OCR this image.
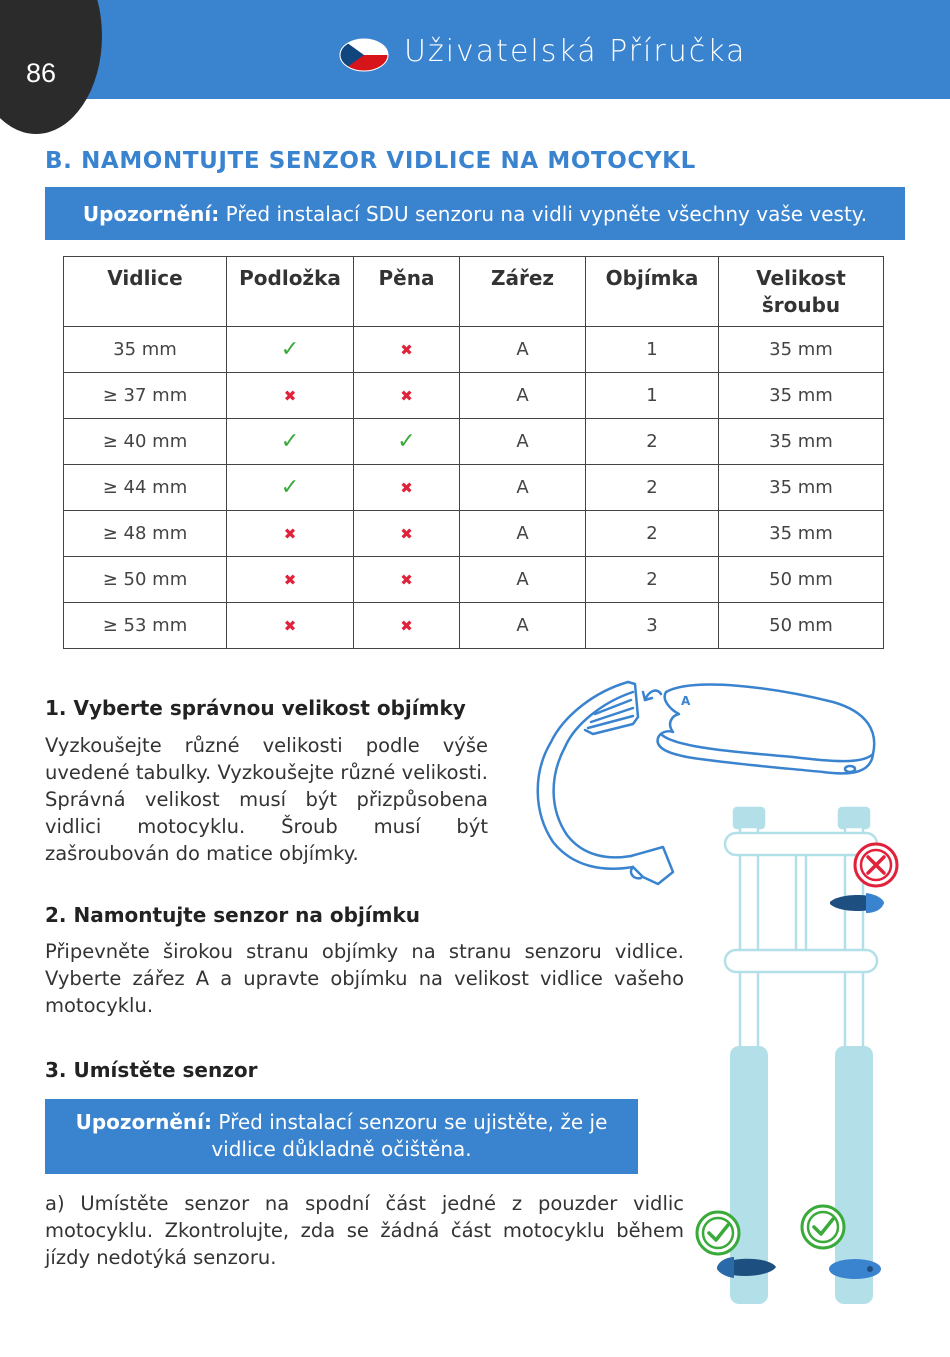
86
Uživatelská Příručka
B. NAMONTUJTE SENZOR VIDLICE NA MOTOCYKL
Upozornění: Před instalací SDU senzoru na vidli vypněte všechny vaše vesty.
Vidlice	Podložka	Pěna	Zářez	Objímka	Velikost
šroubu
35 mm	✓	✖	A	1	35 mm
≥ 37 mm	✖	✖	A	1	35 mm
≥ 40 mm	✓	✓	A	2	35 mm
≥ 44 mm	✓	✖	A	2	35 mm
≥ 48 mm	✖	✖	A	2	35 mm
≥ 50 mm	✖	✖	A	2	50 mm
≥ 53 mm	✖	✖	A	3	50 mm
1. Vyberte správnou velikost objímky
Vyzkoušejte různé velikosti podle výše uvedené tabulky. Vyzkoušejte různé velikosti. Správná velikost musí být přizpůsobena vidlici motocyklu. Šroub musí být zašroubován do matice objímky.
A
2. Namontujte senzor na objímku
Připevněte širokou stranu objímky na stranu senzoru vidlice. Vyberte zářez A a upravte objímku na velikost vidlice vašeho motocyklu.
3. Umístěte senzor
Upozornění: Před instalací senzoru se ujistěte, že je
vidlice důkladně očištěna.
a) Umístěte senzor na spodní část jedné z pouzder vidlic motocyklu. Zkontrolujte, zda se žádná část motocyklu během jízdy nedotýká senzoru.
